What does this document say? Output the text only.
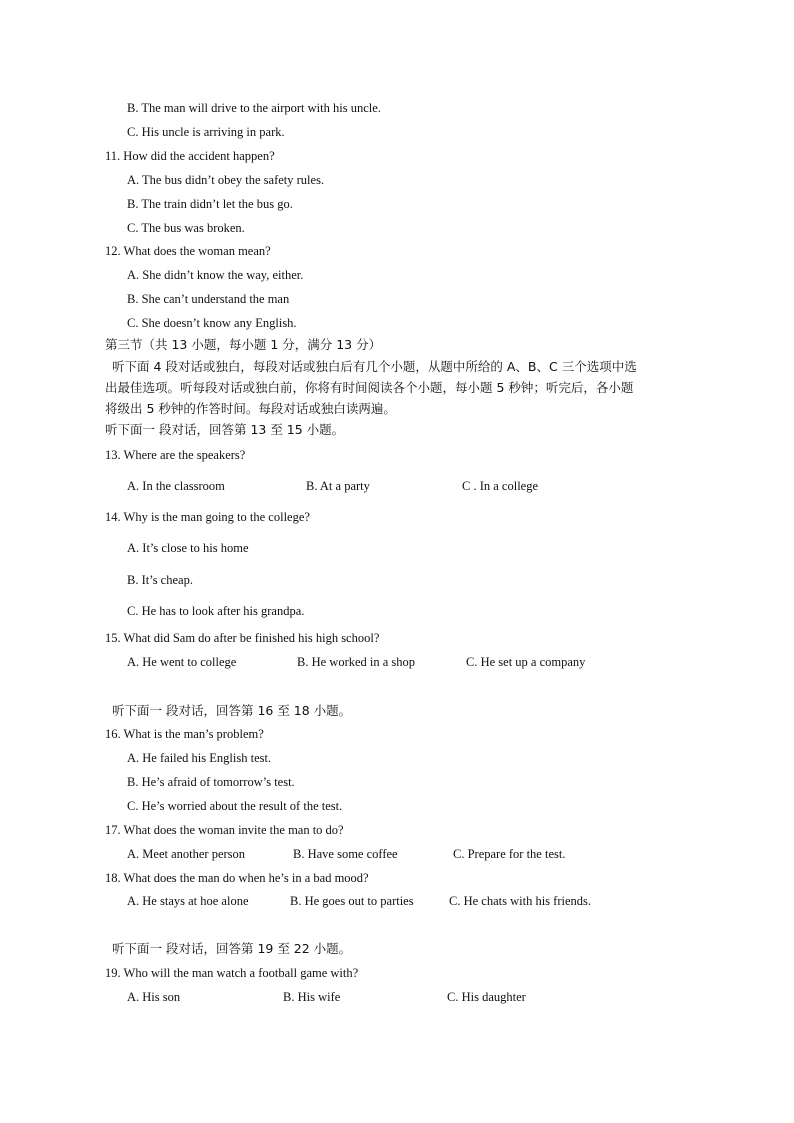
B. The man will drive to the airport with his uncle.
C. His uncle is arriving in park.
11. How did the accident happen?
A. The bus didn’t obey the safety rules.
B. The train didn’t let the bus go.
C. The bus was broken.
12. What does the woman mean?
A. She didn’t know the way, either.
B. She can’t understand the man
C. She doesn’t know any English.
第三节（共 13 小题，每小题 1 分，满分 13 分）
听下面 4 段对话或独白，每段对话或独白后有几个小题，从题中所给的 A、B、C 三个选项中选
出最佳选项。听每段对话或独白前，你将有时间阅读各个小题，每小题 5 秒钟；听完后，各小题
将级出 5 秒钟的作答时间。每段对话或独白读两遍。
听下面一 段对话，回答第 13 至 15 小题。
13. Where are the speakers?
A. In the classroom	B. At a party	C . In a college
14. Why is the man going to the college?
A. It’s close to his home
B. It’s cheap.
C. He has to look after his grandpa.
15. What did Sam do after be finished his high school?
A. He went to college	B. He worked in a shop	C. He set up a company
听下面一 段对话，回答第 16 至 18 小题。
16. What is the man’s problem?
A. He failed his English test.
B. He’s afraid of tomorrow’s test.
C. He’s worried about the result of the test.
17. What does the woman invite the man to do?
A. Meet another person	B. Have some coffee	C. Prepare for the test.
18. What does the man do when he’s in a bad mood?
A. He stays at hoe alone	B. He goes out to parties	C. He chats with his friends.
听下面一 段对话，回答第 19 至 22 小题。
19. Who will the man watch a football game with?
A. His son	B. His wife	C. His daughter
